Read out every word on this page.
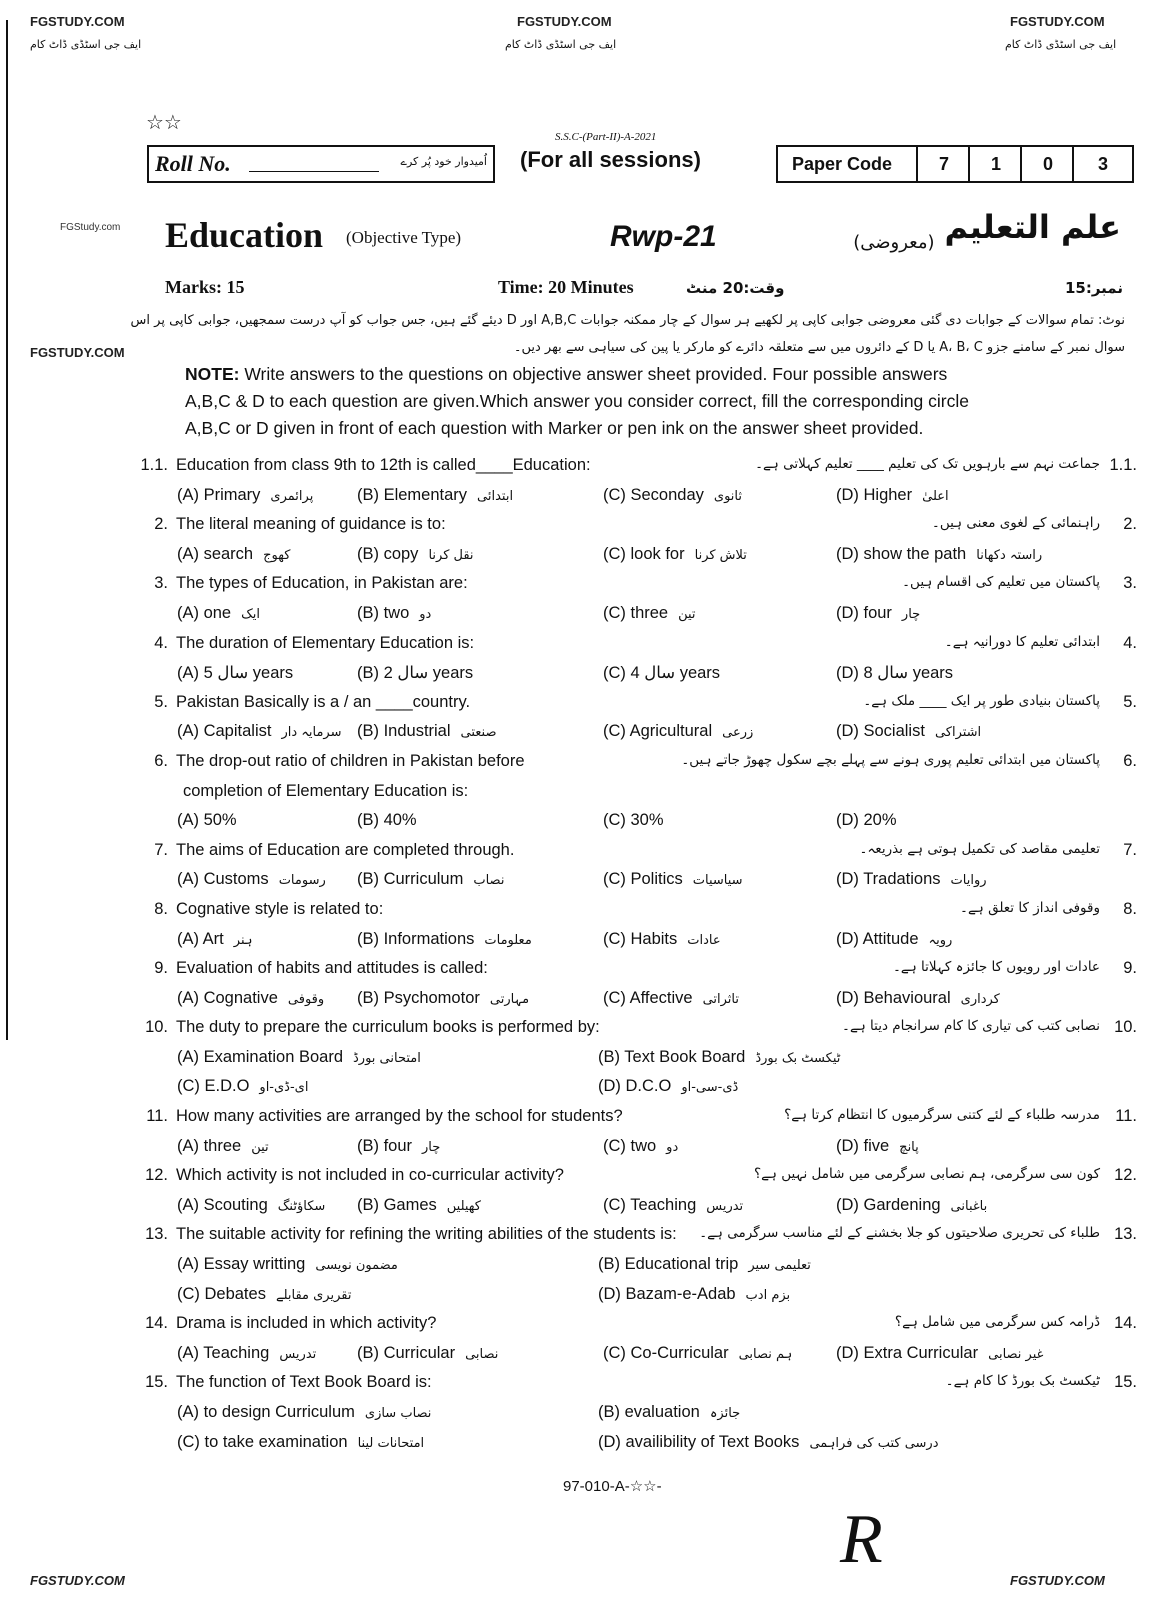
FGSTUDY.COM	FGSTUDY.COM	FGSTUDY.COM
ایف جی اسٹڈی ڈاٹ کام	ایف جی اسٹڈی ڈاٹ کام	ایف جی اسٹڈی ڈاٹ کام
☆☆
S.S.C-(Part-II)-A-2021
Roll No.	اُمیدوار خود پُر کرے (For all sessions)	Paper Code	7	1	0	3
FGStudy.com Education (Objective Type)	Rwp-21	علم التعلیم
(معروضی)
Marks: 15	Time: 20 Minutes	وقت:20 منٹ	نمبر:15
نوٹ: تمام سوالات کے جوابات دی گئی معروضی جوابی کاپی پر لکھیے ہر سوال کے چار ممکنہ جوابات A,B,C اور D دیئے گئے ہیں، جس جواب کو آپ درست سمجھیں، جوابی کاپی پر اس
سوال نمبر کے سامنے جزو A، B، C یا D کے دائروں میں سے متعلقہ دائرے کو مارکر یا پین کی سیاہی سے بھر دیں۔
FGSTUDY.COM
NOTE: Write answers to the questions on objective answer sheet provided. Four possible answers
A,B,C & D to each question are given.Which answer you consider correct, fill the corresponding circle
A,B,C or D given in front of each question with Marker or pen ink on the answer sheet provided.
1.1. Education from class 9th to 12th is called____Education:	جماعت نہم سے بارہویں تک کی تعلیم ____ تعلیم کہلاتی ہے۔ 1.1.
(A) Primary پرائمری	(B) Elementary ابتدائی	(C) Seconday ثانوی	(D) Higher اعلیٰ
2. The literal meaning of guidance is to:	راہنمائی کے لغوی معنی ہیں۔ 2.
(A) search کھوج	(B) copy نقل کرنا	(C) look for تلاش کرنا	(D) show the path راستہ دکھانا
3. The types of Education, in Pakistan are:	پاکستان میں تعلیم کی اقسام ہیں۔ 3.
(A) one ایک	(B) two دو	(C) three تین	(D) four چار
4. The duration of Elementary Education is:	ابتدائی تعلیم کا دورانیہ ہے۔ 4.
(A) سال 5 years	(B) سال 2 years	(C) سال 4 years	(D) سال 8 years
5. Pakistan Basically is a / an ____country.	پاکستان بنیادی طور پر ایک ____ ملک ہے۔ 5.
(A) Capitalist سرمایہ دار (B) Industrial صنعتی	(C) Agricultural زرعی	(D) Socialist اشتراکی
6. The drop-out ratio of children in Pakistan before	پاکستان میں ابتدائی تعلیم پوری ہونے سے پہلے بچے سکول چھوڑ جاتے ہیں۔ 6.
completion of Elementary Education is:
(A) 50%	(B) 40%	(C) 30%	(D) 20%
7. The aims of Education are completed through.	تعلیمی مقاصد کی تکمیل ہوتی ہے بذریعہ۔ 7.
(A) Customs رسومات (B) Curriculum نصاب	(C) Politics سیاسیات	(D) Tradations روایات
8. Cognative style is related to:	وقوفی انداز کا تعلق ہے۔ 8.
(A) Art ہنر	(B) Informations معلومات	(C) Habits عادات	(D) Attitude رویہ
9. Evaluation of habits and attitudes is called:	عادات اور رویوں کا جائزہ کہلاتا ہے۔ 9.
(A) Cognative وقوفی (B) Psychomotor مہارتی	(C) Affective تاثراتی	(D) Behavioural کرداری
10. The duty to prepare the curriculum books is performed by:	نصابی کتب کی تیاری کا کام سرانجام دیتا ہے۔ 10.
(A) Examination Board امتحانی بورڈ	(B) Text Book Board ٹیکسٹ بک بورڈ
(C) E.D.O ای-ڈی-او	(D) D.C.O ڈی-سی-او
11. How many activities are arranged by the school for students?	مدرسہ طلباء کے لئے کتنی سرگرمیوں کا انتظام کرتا ہے؟ 11.
(A) three تین	(B) four چار	(C) two دو	(D) five پانچ
12. Which activity is not included in co-curricular activity?	کون سی سرگرمی، ہم نصابی سرگرمی میں شامل نہیں ہے؟ 12.
(A) Scouting سکاؤٹنگ (B) Games کھیلیں	(C) Teaching تدریس	(D) Gardening باغبانی
13. The suitable activity for refining the writing abilities of the students is: طلباء کی تحریری صلاحیتوں کو جلا بخشنے کے لئے مناسب سرگرمی ہے۔ 13.
(A) Essay writting مضمون نویسی	(B) Educational trip تعلیمی سیر
(C) Debates تقریری مقابلے	(D) Bazam-e-Adab بزم ادب
14. Drama is included in which activity?	ڈرامہ کس سرگرمی میں شامل ہے؟ 14.
(A) Teaching تدریس (B) Curricular نصابی	(C) Co-Curricular ہم نصابی	(D) Extra Curricular غیر نصابی
15. The function of Text Book Board is:	ٹیکسٹ بک بورڈ کا کام ہے۔ 15.
(A) to design Curriculum نصاب سازی	(B) evaluation جائزہ
(C) to take examination امتحانات لینا	(D) availibility of Text Books درسی کتب کی فراہمی
97-010-A-☆☆-
R
FGSTUDY.COM	FGSTUDY.COM
